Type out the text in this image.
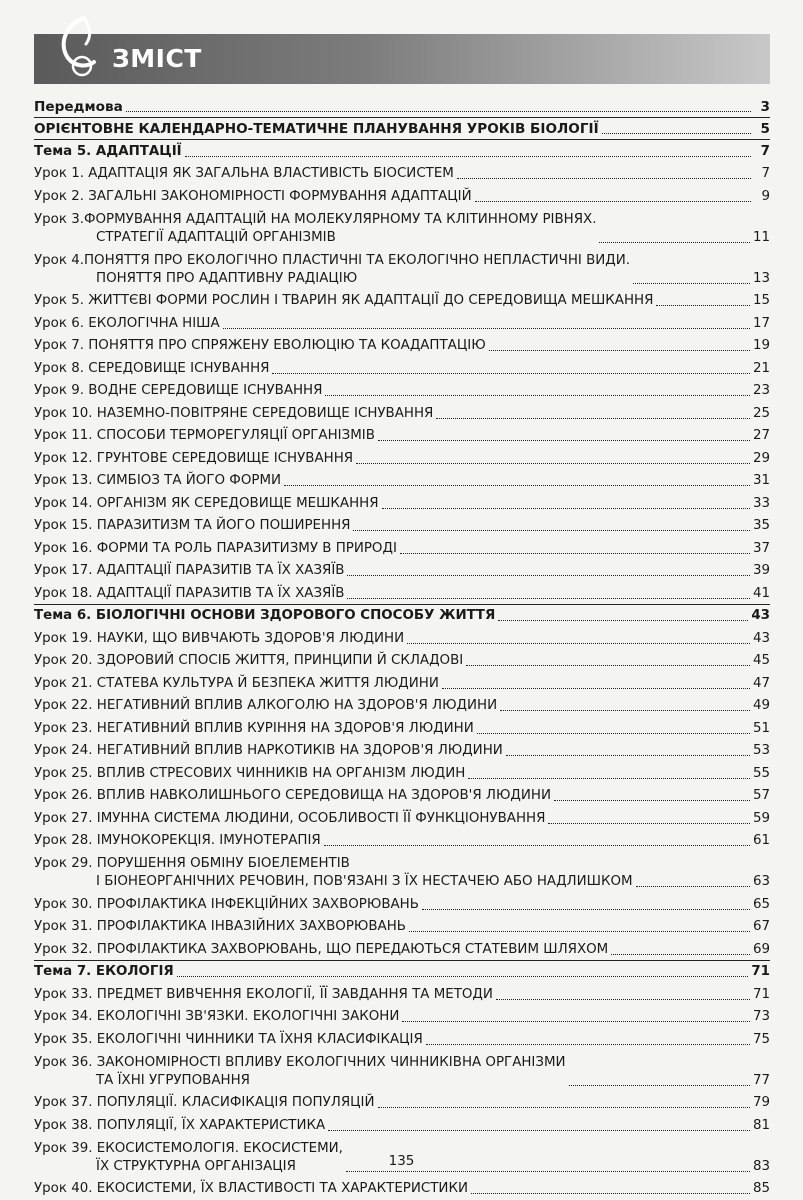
ЗМІСТ
Передмова	3
ОРІЄНТОВНЕ КАЛЕНДАРНО-ТЕМАТИЧНЕ ПЛАНУВАННЯ УРОКІВ БІОЛОГІЇ	5
Тема 5. АДАПТАЦІЇ	7
Урок 1. АДАПТАЦІЯ ЯК ЗАГАЛЬНА ВЛАСТИВІСТЬ БІОСИСТЕМ	7
Урок 2. ЗАГАЛЬНІ ЗАКОНОМІРНОСТІ ФОРМУВАННЯ АДАПТАЦІЙ	9
Урок 3.ФОРМУВАННЯ АДАПТАЦІЙ НА МОЛЕКУЛЯРНОМУ ТА КЛІТИННОМУ РІВНЯХ.
СТРАТЕГІЇ АДАПТАЦІЙ ОРГАНІЗМІВ	11
Урок 4.ПОНЯТТЯ ПРО ЕКОЛОГІЧНО ПЛАСТИЧНІ ТА ЕКОЛОГІЧНО НЕПЛАСТИЧНІ ВИДИ.
ПОНЯТТЯ ПРО АДАПТИВНУ РАДІАЦІЮ	13
Урок 5. ЖИТТЄВІ ФОРМИ РОСЛИН І ТВАРИН ЯК АДАПТАЦІЇ ДО СЕРЕДОВИЩА МЕШКАННЯ	15
Урок 6. ЕКОЛОГІЧНА НІША	17
Урок 7. ПОНЯТТЯ ПРО СПРЯЖЕНУ ЕВОЛЮЦІЮ ТА КОАДАПТАЦІЮ	19
Урок 8. СЕРЕДОВИЩЕ ІСНУВАННЯ	21
Урок 9. ВОДНЕ СЕРЕДОВИЩЕ ІСНУВАННЯ	23
Урок 10. НАЗЕМНО-ПОВІТРЯНЕ СЕРЕДОВИЩЕ ІСНУВАННЯ	25
Урок 11. СПОСОБИ ТЕРМОРЕГУЛЯЦІЇ ОРГАНІЗМІВ	27
Урок 12. ГРУНТОВЕ СЕРЕДОВИЩЕ ІСНУВАННЯ	29
Урок 13. СИМБІОЗ ТА ЙОГО ФОРМИ	31
Урок 14. ОРГАНІЗМ ЯК СЕРЕДОВИЩЕ МЕШКАННЯ	33
Урок 15. ПАРАЗИТИЗМ ТА ЙОГО ПОШИРЕННЯ	35
Урок 16. ФОРМИ ТА РОЛЬ ПАРАЗИТИЗМУ В ПРИРОДІ	37
Урок 17. АДАПТАЦІЇ ПАРАЗИТІВ ТА ЇХ ХАЗЯЇВ	39
Урок 18. АДАПТАЦІЇ ПАРАЗИТІВ ТА ЇХ ХАЗЯЇВ	41
Тема 6. БІОЛОГІЧНІ ОСНОВИ ЗДОРОВОГО СПОСОБУ ЖИТТЯ	43
Урок 19. НАУКИ, ЩО ВИВЧАЮТЬ ЗДОРОВ'Я ЛЮДИНИ	43
Урок 20. ЗДОРОВИЙ СПОСІБ ЖИТТЯ, ПРИНЦИПИ Й СКЛАДОВІ	45
Урок 21. СТАТЕВА КУЛЬТУРА Й БЕЗПЕКА ЖИТТЯ ЛЮДИНИ	47
Урок 22. НЕГАТИВНИЙ ВПЛИВ АЛКОГОЛЮ НА ЗДОРОВ'Я ЛЮДИНИ	49
Урок 23. НЕГАТИВНИЙ ВПЛИВ КУРІННЯ НА ЗДОРОВ'Я ЛЮДИНИ	51
Урок 24. НЕГАТИВНИЙ ВПЛИВ НАРКОТИКІВ НА ЗДОРОВ'Я ЛЮДИНИ	53
Урок 25. ВПЛИВ СТРЕСОВИХ ЧИННИКІВ НА ОРГАНІЗМ ЛЮДИН	55
Урок 26. ВПЛИВ НАВКОЛИШНЬОГО СЕРЕДОВИЩА НА ЗДОРОВ'Я ЛЮДИНИ	57
Урок 27. ІМУННА СИСТЕМА ЛЮДИНИ, ОСОБЛИВОСТІ ЇЇ ФУНКЦІОНУВАННЯ	59
Урок 28. ІМУНОКОРЕКЦІЯ. ІМУНОТЕРАПІЯ	61
Урок 29. ПОРУШЕННЯ ОБМІНУ БІОЕЛЕМЕНТІВ
І БІОНЕОРГАНІЧНИХ РЕЧОВИН, ПОВ'ЯЗАНІ З ЇХ НЕСТАЧЕЮ АБО НАДЛИШКОМ	63
Урок 30. ПРОФІЛАКТИКА ІНФЕКЦІЙНИХ ЗАХВОРЮВАНЬ	65
Урок 31. ПРОФІЛАКТИКА ІНВАЗІЙНИХ ЗАХВОРЮВАНЬ	67
Урок 32. ПРОФІЛАКТИКА ЗАХВОРЮВАНЬ, ЩО ПЕРЕДАЮТЬСЯ СТАТЕВИМ ШЛЯХОМ	69
Тема 7. ЕКОЛОГІЯ	71
Урок 33. ПРЕДМЕТ ВИВЧЕННЯ ЕКОЛОГІЇ, ЇЇ ЗАВДАННЯ ТА МЕТОДИ	71
Урок 34. ЕКОЛОГІЧНІ ЗВ'ЯЗКИ. ЕКОЛОГІЧНІ ЗАКОНИ	73
Урок 35. ЕКОЛОГІЧНІ ЧИННИКИ ТА ЇХНЯ КЛАСИФІКАЦІЯ	75
Урок 36. ЗАКОНОМІРНОСТІ ВПЛИВУ ЕКОЛОГІЧНИХ ЧИННИКІВНА ОРГАНІЗМИ
ТА ЇХНІ УГРУПОВАННЯ	77
Урок 37. ПОПУЛЯЦІЇ. КЛАСИФІКАЦІЯ ПОПУЛЯЦІЙ	79
Урок 38. ПОПУЛЯЦІЇ, ЇХ ХАРАКТЕРИСТИКА	81
Урок 39. ЕКОСИСТЕМОЛОГІЯ. ЕКОСИСТЕМИ,
ЇХ СТРУКТУРНА ОРГАНІЗАЦІЯ	83
Урок 40. ЕКОСИСТЕМИ, ЇХ ВЛАСТИВОСТІ ТА ХАРАКТЕРИСТИКИ	85
135
